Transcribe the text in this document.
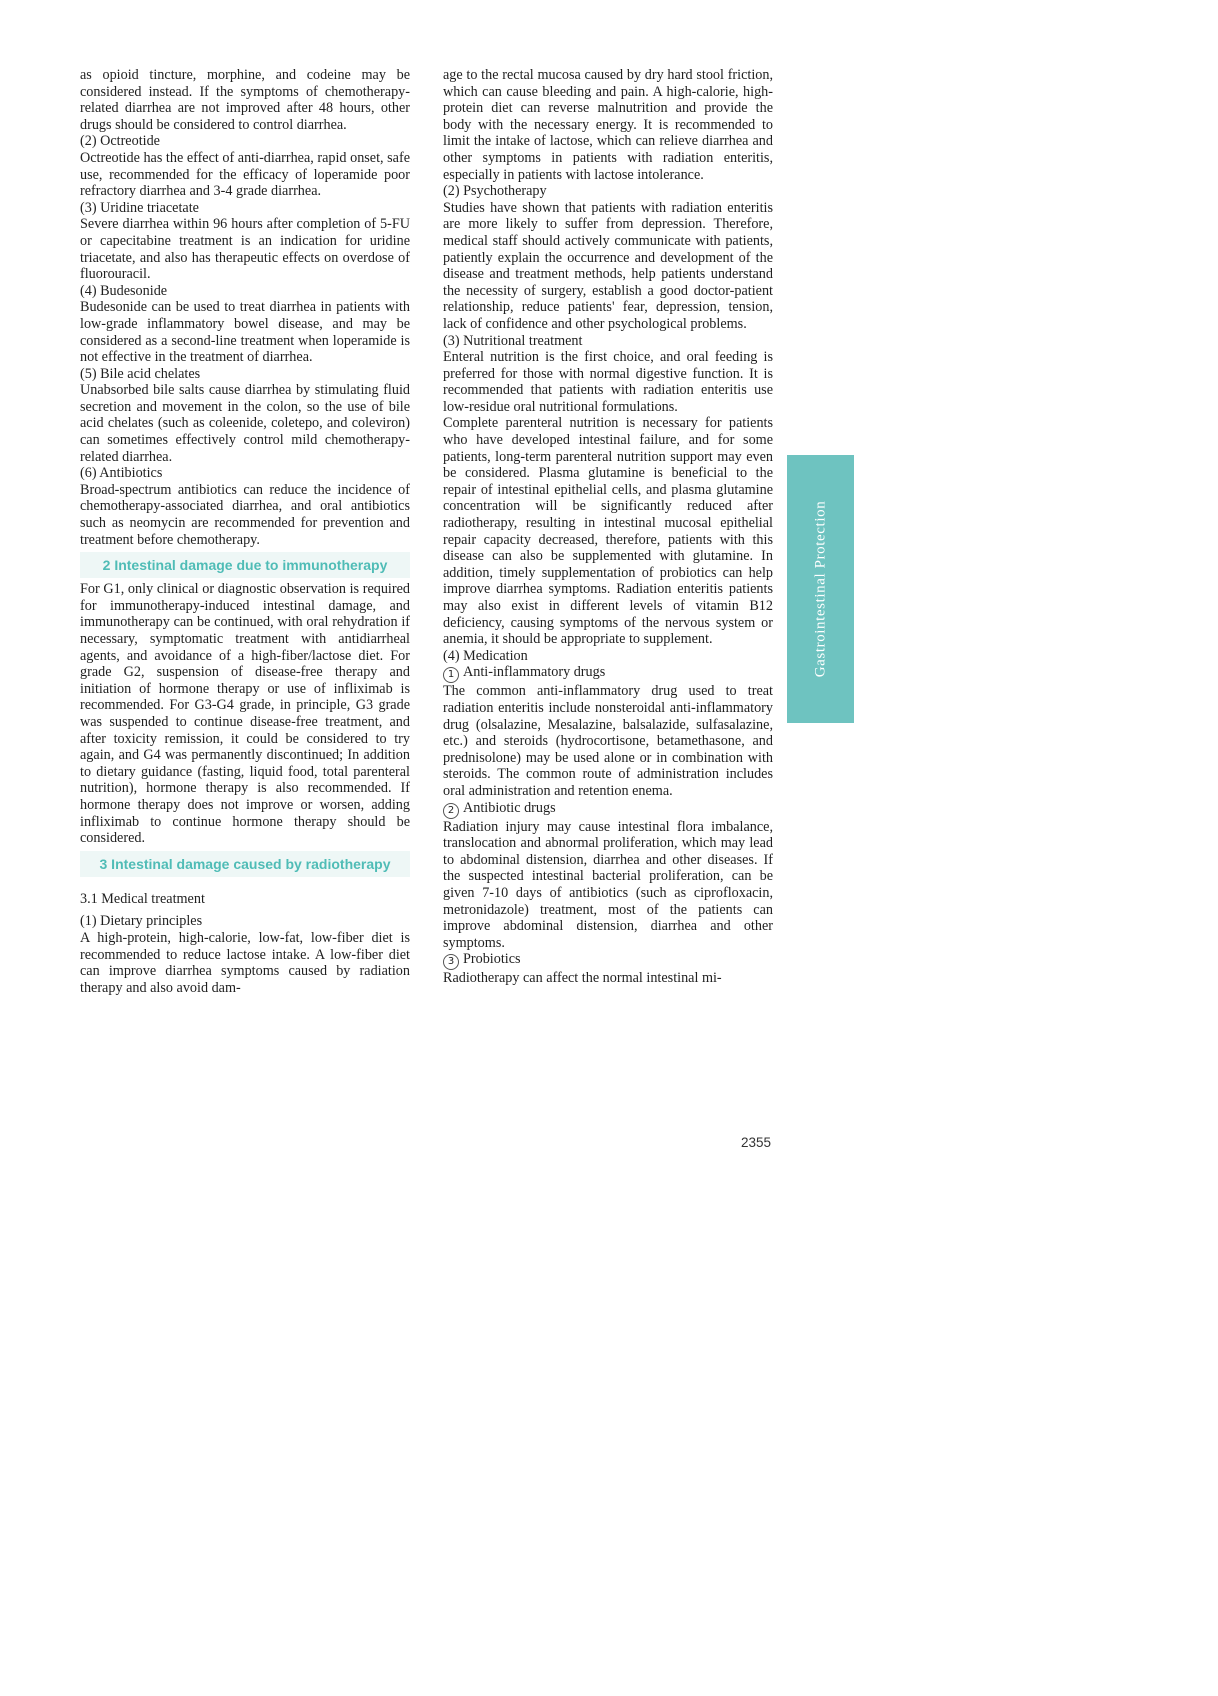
as opioid tincture, morphine, and codeine may be considered instead. If the symptoms of chemotherapy-related diarrhea are not improved after 48 hours, other drugs should be considered to control diarrhea.

(2) Octreotide

Octreotide has the effect of anti-diarrhea, rapid onset, safe use, recommended for the efficacy of loperamide poor refractory diarrhea and 3-4 grade diarrhea.

(3) Uridine triacetate

Severe diarrhea within 96 hours after completion of 5-FU or capecitabine treatment is an indication for uridine triacetate, and also has therapeutic effects on overdose of fluorouracil.

(4) Budesonide

Budesonide can be used to treat diarrhea in patients with low-grade inflammatory bowel disease, and may be considered as a second-line treatment when loperamide is not effective in the treatment of diarrhea.

(5) Bile acid chelates

Unabsorbed bile salts cause diarrhea by stimulating fluid secretion and movement in the colon, so the use of bile acid chelates (such as coleenide, coletepo, and coleviron) can sometimes effectively control mild chemotherapy-related diarrhea.

(6) Antibiotics

Broad-spectrum antibiotics can reduce the incidence of chemotherapy-associated diarrhea, and oral antibiotics such as neomycin are recommended for prevention and treatment before chemotherapy.

2 Intestinal damage due to immunotherapy

For G1, only clinical or diagnostic observation is required for immunotherapy-induced intestinal damage, and immunotherapy can be continued, with oral rehydration if necessary, symptomatic treatment with antidiarrheal agents, and avoidance of a high-fiber/lactose diet. For grade G2, suspension of disease-free therapy and initiation of hormone therapy or use of infliximab is recommended. For G3-G4 grade, in principle, G3 grade was suspended to continue disease-free treatment, and after toxicity remission, it could be considered to try again, and G4 was permanently discontinued; In addition to dietary guidance (fasting, liquid food, total parenteral nutrition), hormone therapy is also recommended. If hormone therapy does not improve or worsen, adding infliximab to continue hormone therapy should be considered.

3 Intestinal damage caused by radiotherapy

3.1 Medical treatment

(1) Dietary principles

A high-protein, high-calorie, low-fat, low-fiber diet is recommended to reduce lactose intake. A low-fiber diet can improve diarrhea symptoms caused by radiation therapy and also avoid dam-

age to the rectal mucosa caused by dry hard stool friction, which can cause bleeding and pain. A high-calorie, high-protein diet can reverse malnutrition and provide the body with the necessary energy. It is recommended to limit the intake of lactose, which can relieve diarrhea and other symptoms in patients with radiation enteritis, especially in patients with lactose intolerance.

(2) Psychotherapy

Studies have shown that patients with radiation enteritis are more likely to suffer from depression. Therefore, medical staff should actively communicate with patients, patiently explain the occurrence and development of the disease and treatment methods, help patients understand the necessity of surgery, establish a good doctor-patient relationship, reduce patients' fear, depression, tension, lack of confidence and other psychological problems.

(3) Nutritional treatment

Enteral nutrition is the first choice, and oral feeding is preferred for those with normal digestive function. It is recommended that patients with radiation enteritis use low-residue oral nutritional formulations.

Complete parenteral nutrition is necessary for patients who have developed intestinal failure, and for some patients, long-term parenteral nutrition support may even be considered. Plasma glutamine is beneficial to the repair of intestinal epithelial cells, and plasma glutamine concentration will be significantly reduced after radiotherapy, resulting in intestinal mucosal epithelial repair capacity decreased, therefore, patients with this disease can also be supplemented with glutamine. In addition, timely supplementation of probiotics can help improve diarrhea symptoms. Radiation enteritis patients may also exist in different levels of vitamin B12 deficiency, causing symptoms of the nervous system or anemia, it should be appropriate to supplement.

(4) Medication

1 Anti-inflammatory drugs

The common anti-inflammatory drug used to treat radiation enteritis include nonsteroidal anti-inflammatory drug (olsalazine, Mesalazine, balsalazide, sulfasalazine, etc.) and steroids (hydrocortisone, betamethasone, and prednisolone) may be used alone or in combination with steroids. The common route of administration includes oral administration and retention enema.

2 Antibiotic drugs

Radiation injury may cause intestinal flora imbalance, translocation and abnormal proliferation, which may lead to abdominal distension, diarrhea and other diseases. If the suspected intestinal bacterial proliferation, can be given 7-10 days of antibiotics (such as ciprofloxacin, metronidazole) treatment, most of the patients can improve abdominal distension, diarrhea and other symptoms.

3 Probiotics

Radiotherapy can affect the normal intestinal mi-

Gastrointestinal Protection
2355
